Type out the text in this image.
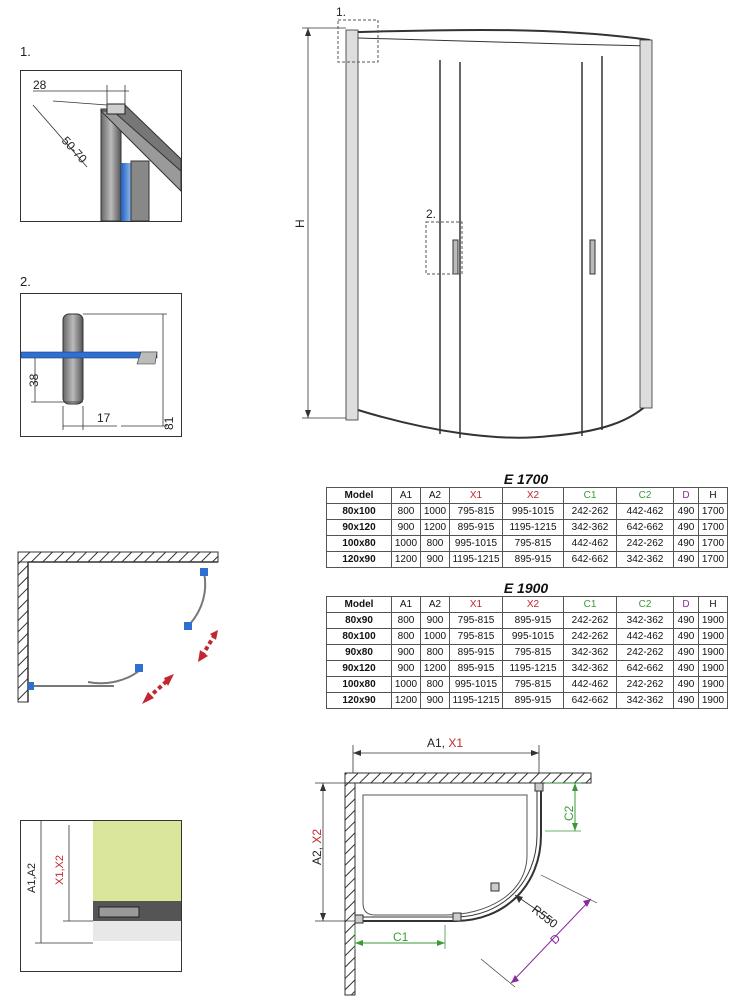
1.
28
50-70
2.
38
17	81
H
1.
2.
E 1700
Model	A1	A2	X1	X2	C1	C2	D	H
80x100	800	1000	795-815	995-1015	242-262	442-462	490	1700
90x120	900	1200	895-915	1195-1215	342-362	642-662	490	1700
100x80	1000	800	995-1015	795-815	442-462	242-262	490	1700
120x90	1200	900	1195-1215	895-915	642-662	342-362	490	1700
E 1900
Model	A1	A2	X1	X2	C1	C2	D	H
80x90	800	900	795-815	895-915	242-262	342-362	490	1900
80x100	800	1000	795-815	995-1015	242-262	442-462	490	1900
90x80	900	800	895-915	795-815	342-362	242-262	490	1900
90x120	900	1200	895-915	1195-1215	342-362	642-662	490	1900
100x80	1000	800	995-1015	795-815	442-462	242-262	490	1900
120x90	1200	900	1195-1215	895-915	642-662	342-362	490	1900
A1,A2 X1,X2
A1, X1
A2, X2
C1
C2
R550
D
